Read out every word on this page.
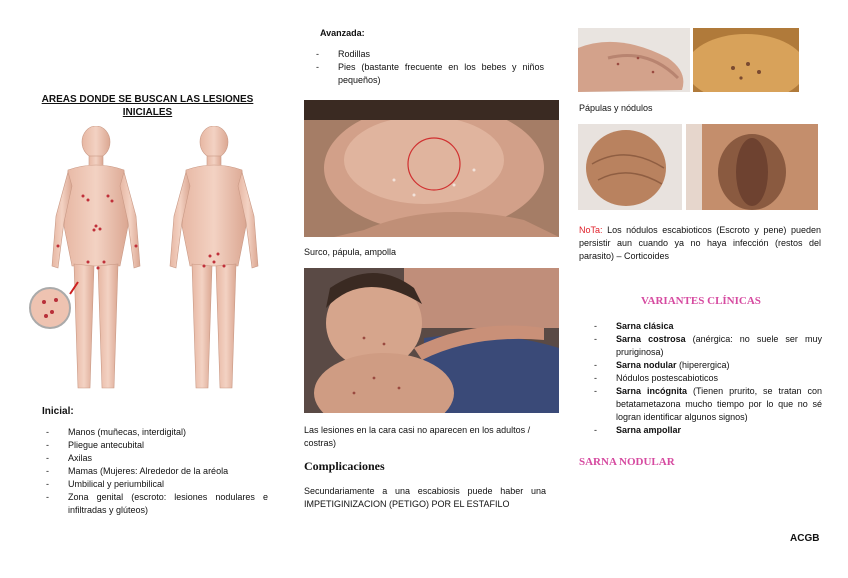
AREAS DONDE SE BUSCAN LAS LESIONES INICIALES
Inicial:
- Manos (muñecas, interdigital)
- Pliegue antecubital
- Axilas
- Mamas (Mujeres: Alrededor de la aréola
- Umbilical y periumbilical
- Zona genital (escroto: lesiones nodulares e infiltradas y glúteos)
Avanzada:
- Rodillas
- Pies (bastante frecuente en los bebes y niños pequeños)
Surco, pápula, ampolla
Las lesiones en la cara casi no aparecen en los adultos / costras)
Complicaciones
Secundariamente a una escabiosis puede haber una IMPETIGINIZACION (PETIGO) POR EL ESTAFILO
Pápulas y nódulos
NoTa: Los nódulos escabioticos (Escroto y pene) pueden persistir aun cuando ya no haya infección (restos del parasito) – Corticoides
VARIANTES CLÍNICAS
- Sarna clásica
- Sarna costrosa (anérgica: no suele ser muy pruriginosa)
- Sarna nodular (hiperergica)
- Nódulos postescabioticos
- Sarna incógnita (Tienen prurito, se tratan con betatametazona mucho tiempo por lo que no sé logran identificar algunos signos)
- Sarna ampollar
SARNA NODULAR
ACGB
